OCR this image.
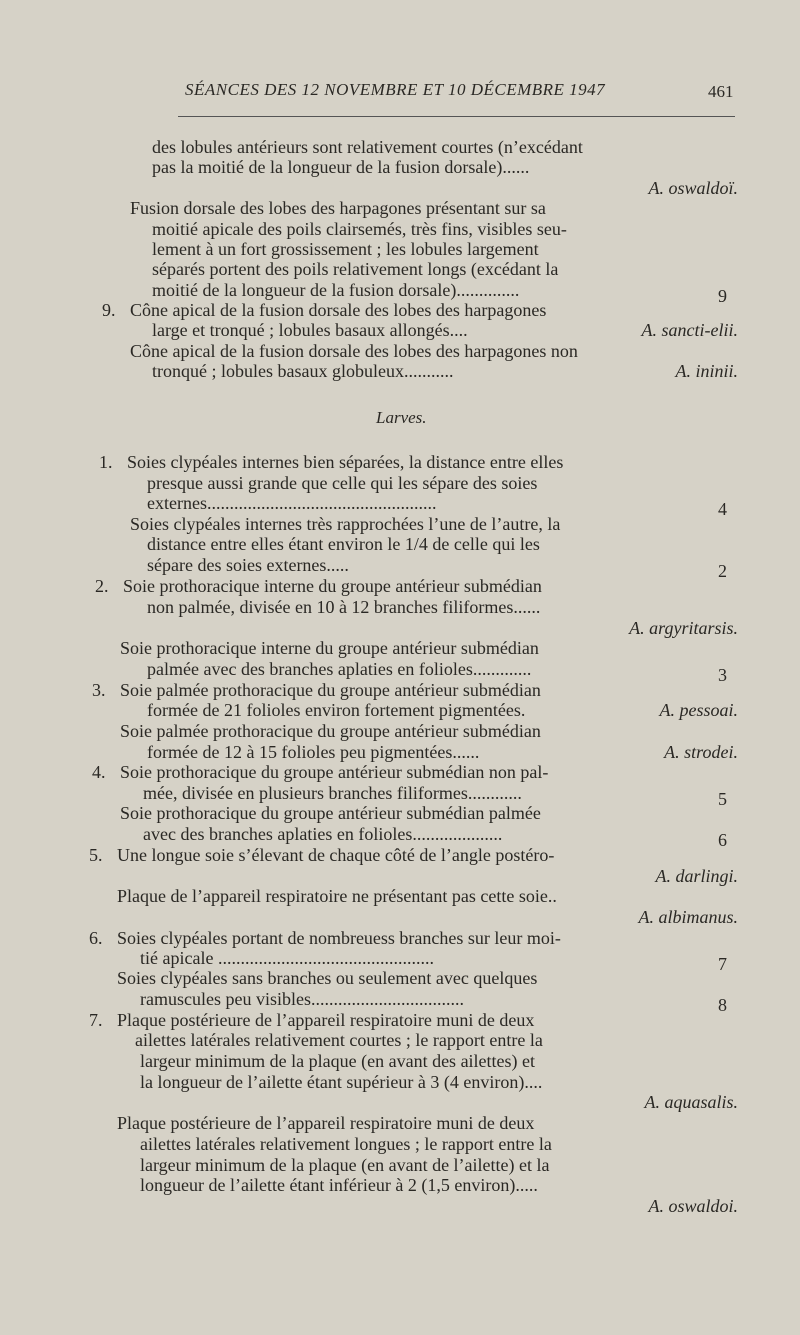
SÉANCES DES 12 NOVEMBRE ET 10 DÉCEMBRE 1947	461
Larves.
des lobules antérieurs sont relativement courtes (n’excédant
pas la moitié de la longueur de la fusion dorsale)......
A. oswaldoï.
Fusion dorsale des lobes des harpagones présentant sur sa
moitié apicale des poils clairsemés, très fins, visibles seu-
lement à un fort grossissement ; les lobules largement
séparés portent des poils relativement longs (excédant la
moitié de la longueur de la fusion dorsale)..............	9
9. Cône apical de la fusion dorsale des lobes des harpagones
large et tronqué ; lobules basaux allongés....	A. sancti-elii.
Cône apical de la fusion dorsale des lobes des harpagones non
tronqué ; lobules basaux globuleux...........	A. ininii.
1. Soies clypéales internes bien séparées, la distance entre elles
presque aussi grande que celle qui les sépare des soies
externes...................................................	4
Soies clypéales internes très rapprochées l’une de l’autre, la
distance entre elles étant environ le 1/4 de celle qui les
sépare des soies externes.....	2
2. Soie prothoracique interne du groupe antérieur submédian
non palmée, divisée en 10 à 12 branches filiformes......
A. argyritarsis.
Soie prothoracique interne du groupe antérieur submédian
palmée avec des branches aplaties en folioles.............	3
3. Soie palmée prothoracique du groupe antérieur submédian
formée de 21 folioles environ fortement pigmentées.	A. pessoai.
Soie palmée prothoracique du groupe antérieur submédian
formée de 12 à 15 folioles peu pigmentées......	A. strodei.
4. Soie prothoracique du groupe antérieur submédian non pal-
mée, divisée en plusieurs branches filiformes............	5
Soie prothoracique du groupe antérieur submédian palmée
avec des branches aplaties en folioles....................	6
5. Une longue soie s’élevant de chaque côté de l’angle postéro-
A. darlingi.
Plaque de l’appareil respiratoire ne présentant pas cette soie..
A. albimanus.
6. Soies clypéales portant de nombreuess branches sur leur moi-
tié apicale ................................................	7
Soies clypéales sans branches ou seulement avec quelques
ramuscules peu visibles..................................	8
7. Plaque postérieure de l’appareil respiratoire muni de deux
ailettes latérales relativement courtes ; le rapport entre la
largeur minimum de la plaque (en avant des ailettes) et
la longueur de l’ailette étant supérieur à 3 (4 environ)....
A. aquasalis.
Plaque postérieure de l’appareil respiratoire muni de deux
ailettes latérales relativement longues ; le rapport entre la
largeur minimum de la plaque (en avant de l’ailette) et la
longueur de l’ailette étant inférieur à 2 (1,5 environ).....
A. oswaldoi.
